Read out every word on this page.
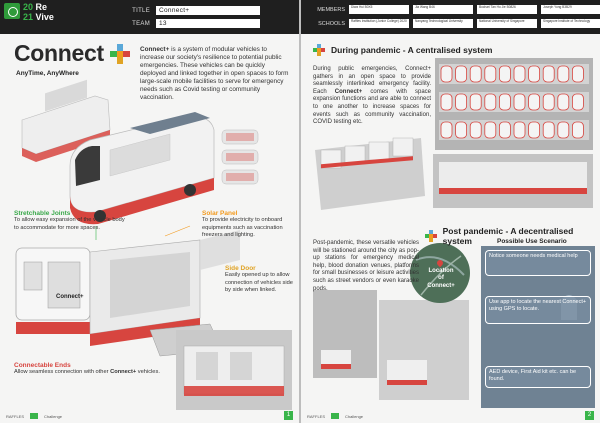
20 Re
21 Vive
TITLE	Connect+
TEAM	13
Connect
AnyTime, AnyWhere

Connect+ is a system of modular vehicles to increase our society's resilience to potential public emergencies. These vehicles can be quickly deployed and linked together in open spaces to form large-scale mobile facilities to serve for emergency needs such as Covid testing or community vaccination.

Stretchable Joints
To allow easy expansion of the vehicle body to accommodate for more spaces.
Solar Panel
To provide electricity to onboard equipments such as vaccination freezers and lighting.
Side Door
Easily opened up to allow connection of vehicles side by side when linked.
Connect+
Connectable Ends
Allow seamless connection with other Connect+ vehicles.
RAFFLES	Challenge	1
MEMBERS	Diwa Hui B0X5	Jia Wang B46	Bochari Tan Ho Jie B0826	Joseph Yong B3B29
SCHOOLS	Raffles Institution (Junior College) 2020	Nanyang Technological University	National University of Singapore	Singapore Institute of Technology
During pandemic - A centralised system

During public emergencies, Connect+ gathers in an open space to provide seamlessly interlinked emergency facility. Each Connect+ comes with space expansion functions and are able to connect to one another to increase spaces for events such as community vaccination, COVID testing etc.

Post pandemic - A decentralised system

Post-pandemic, these versatile vehicles will be stationed around the city as pop-up stations for emergency medical help, blood donation venues, platforms for small businesses or leisure activities such as street vendors or even karaoke pods.

Location of Connect+
Possible Use Scenario
Notice someone needs medical help
Use app to locate the nearest Connect+ using GPS to locate.
AED device, First Aid kit etc. can be found.
RAFFLES	Challenge	2
